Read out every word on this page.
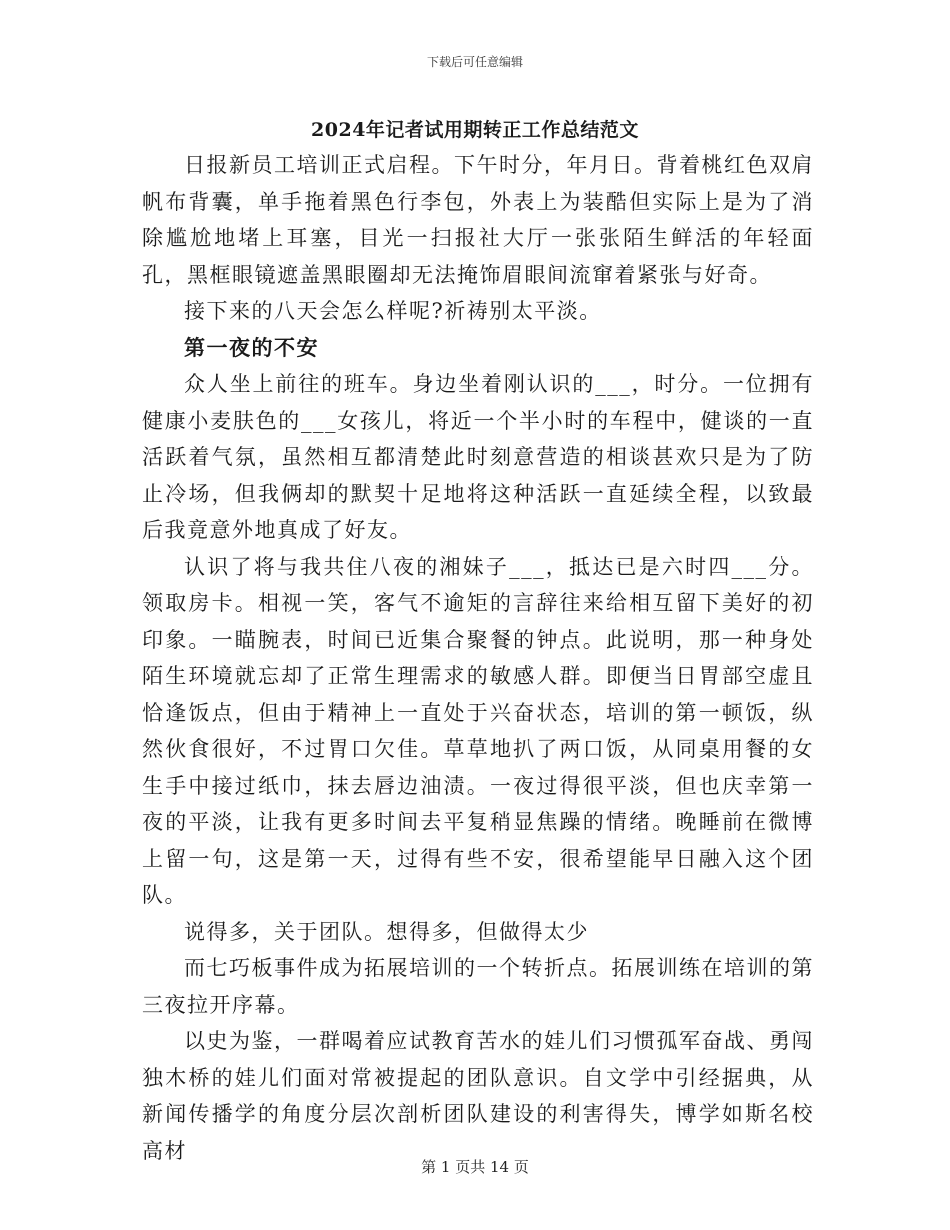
下载后可任意编辑
2024年记者试用期转正工作总结范文

日报新员工培训正式启程。下午时分，年月日。背着桃红色双肩帆布背囊，单手拖着黑色行李包，外表上为装酷但实际上是为了消除尴尬地堵上耳塞，目光一扫报社大厅一张张陌生鲜活的年轻面孔，黑框眼镜遮盖黑眼圈却无法掩饰眉眼间流窜着紧张与好奇。

接下来的八天会怎么样呢?祈祷别太平淡。

第一夜的不安

众人坐上前往的班车。身边坐着刚认识的___，时分。一位拥有健康小麦肤色的___女孩儿，将近一个半小时的车程中，健谈的一直活跃着气氛，虽然相互都清楚此时刻意营造的相谈甚欢只是为了防止冷场，但我俩却的默契十足地将这种活跃一直延续全程，以致最后我竟意外地真成了好友。

认识了将与我共住八夜的湘妹子___，抵达已是六时四___分。领取房卡。相视一笑，客气不逾矩的言辞往来给相互留下美好的初印象。一瞄腕表，时间已近集合聚餐的钟点。此说明，那一种身处陌生环境就忘却了正常生理需求的敏感人群。即便当日胃部空虚且恰逢饭点，但由于精神上一直处于兴奋状态，培训的第一顿饭，纵然伙食很好，不过胃口欠佳。草草地扒了两口饭，从同桌用餐的女生手中接过纸巾，抹去唇边油渍。一夜过得很平淡，但也庆幸第一夜的平淡，让我有更多时间去平复稍显焦躁的情绪。晚睡前在微博上留一句，这是第一天，过得有些不安，很希望能早日融入这个团队。

说得多，关于团队。想得多，但做得太少

而七巧板事件成为拓展培训的一个转折点。拓展训练在培训的第三夜拉开序幕。

以史为鉴，一群喝着应试教育苦水的娃儿们习惯孤军奋战、勇闯独木桥的娃儿们面对常被提起的团队意识。自文学中引经据典，从新闻传播学的角度分层次剖析团队建设的利害得失，博学如斯名校高材

第 1 页共 14 页
